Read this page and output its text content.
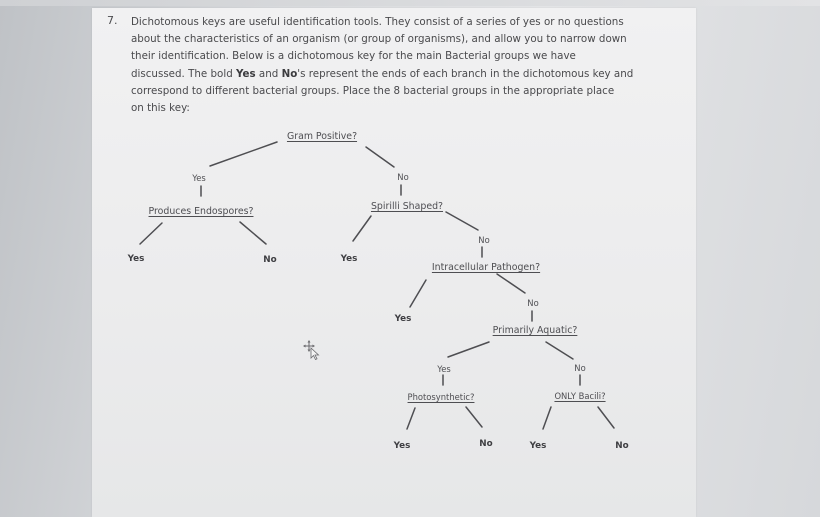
7. Dichotomous keys are useful identification tools. They consist of a series of yes or no questions
about the characteristics of an organism (or group of organisms), and allow you to narrow down
their identification. Below is a dichotomous key for the main Bacterial groups we have
discussed. The bold Yes and No's represent the ends of each branch in the dichotomous key and
correspond to different bacterial groups. Place the 8 bacterial groups in the appropriate place
on this key:
Gram Positive?
Yes	No
Produces Endospores?
Yes	No
Spirilli Shaped?
Yes
No
Intracellular Pathogen?
Yes
No
Primarily Aquatic?
Yes	No
Photosynthetic?
Yes	No
ONLY Bacili?
Yes	No
